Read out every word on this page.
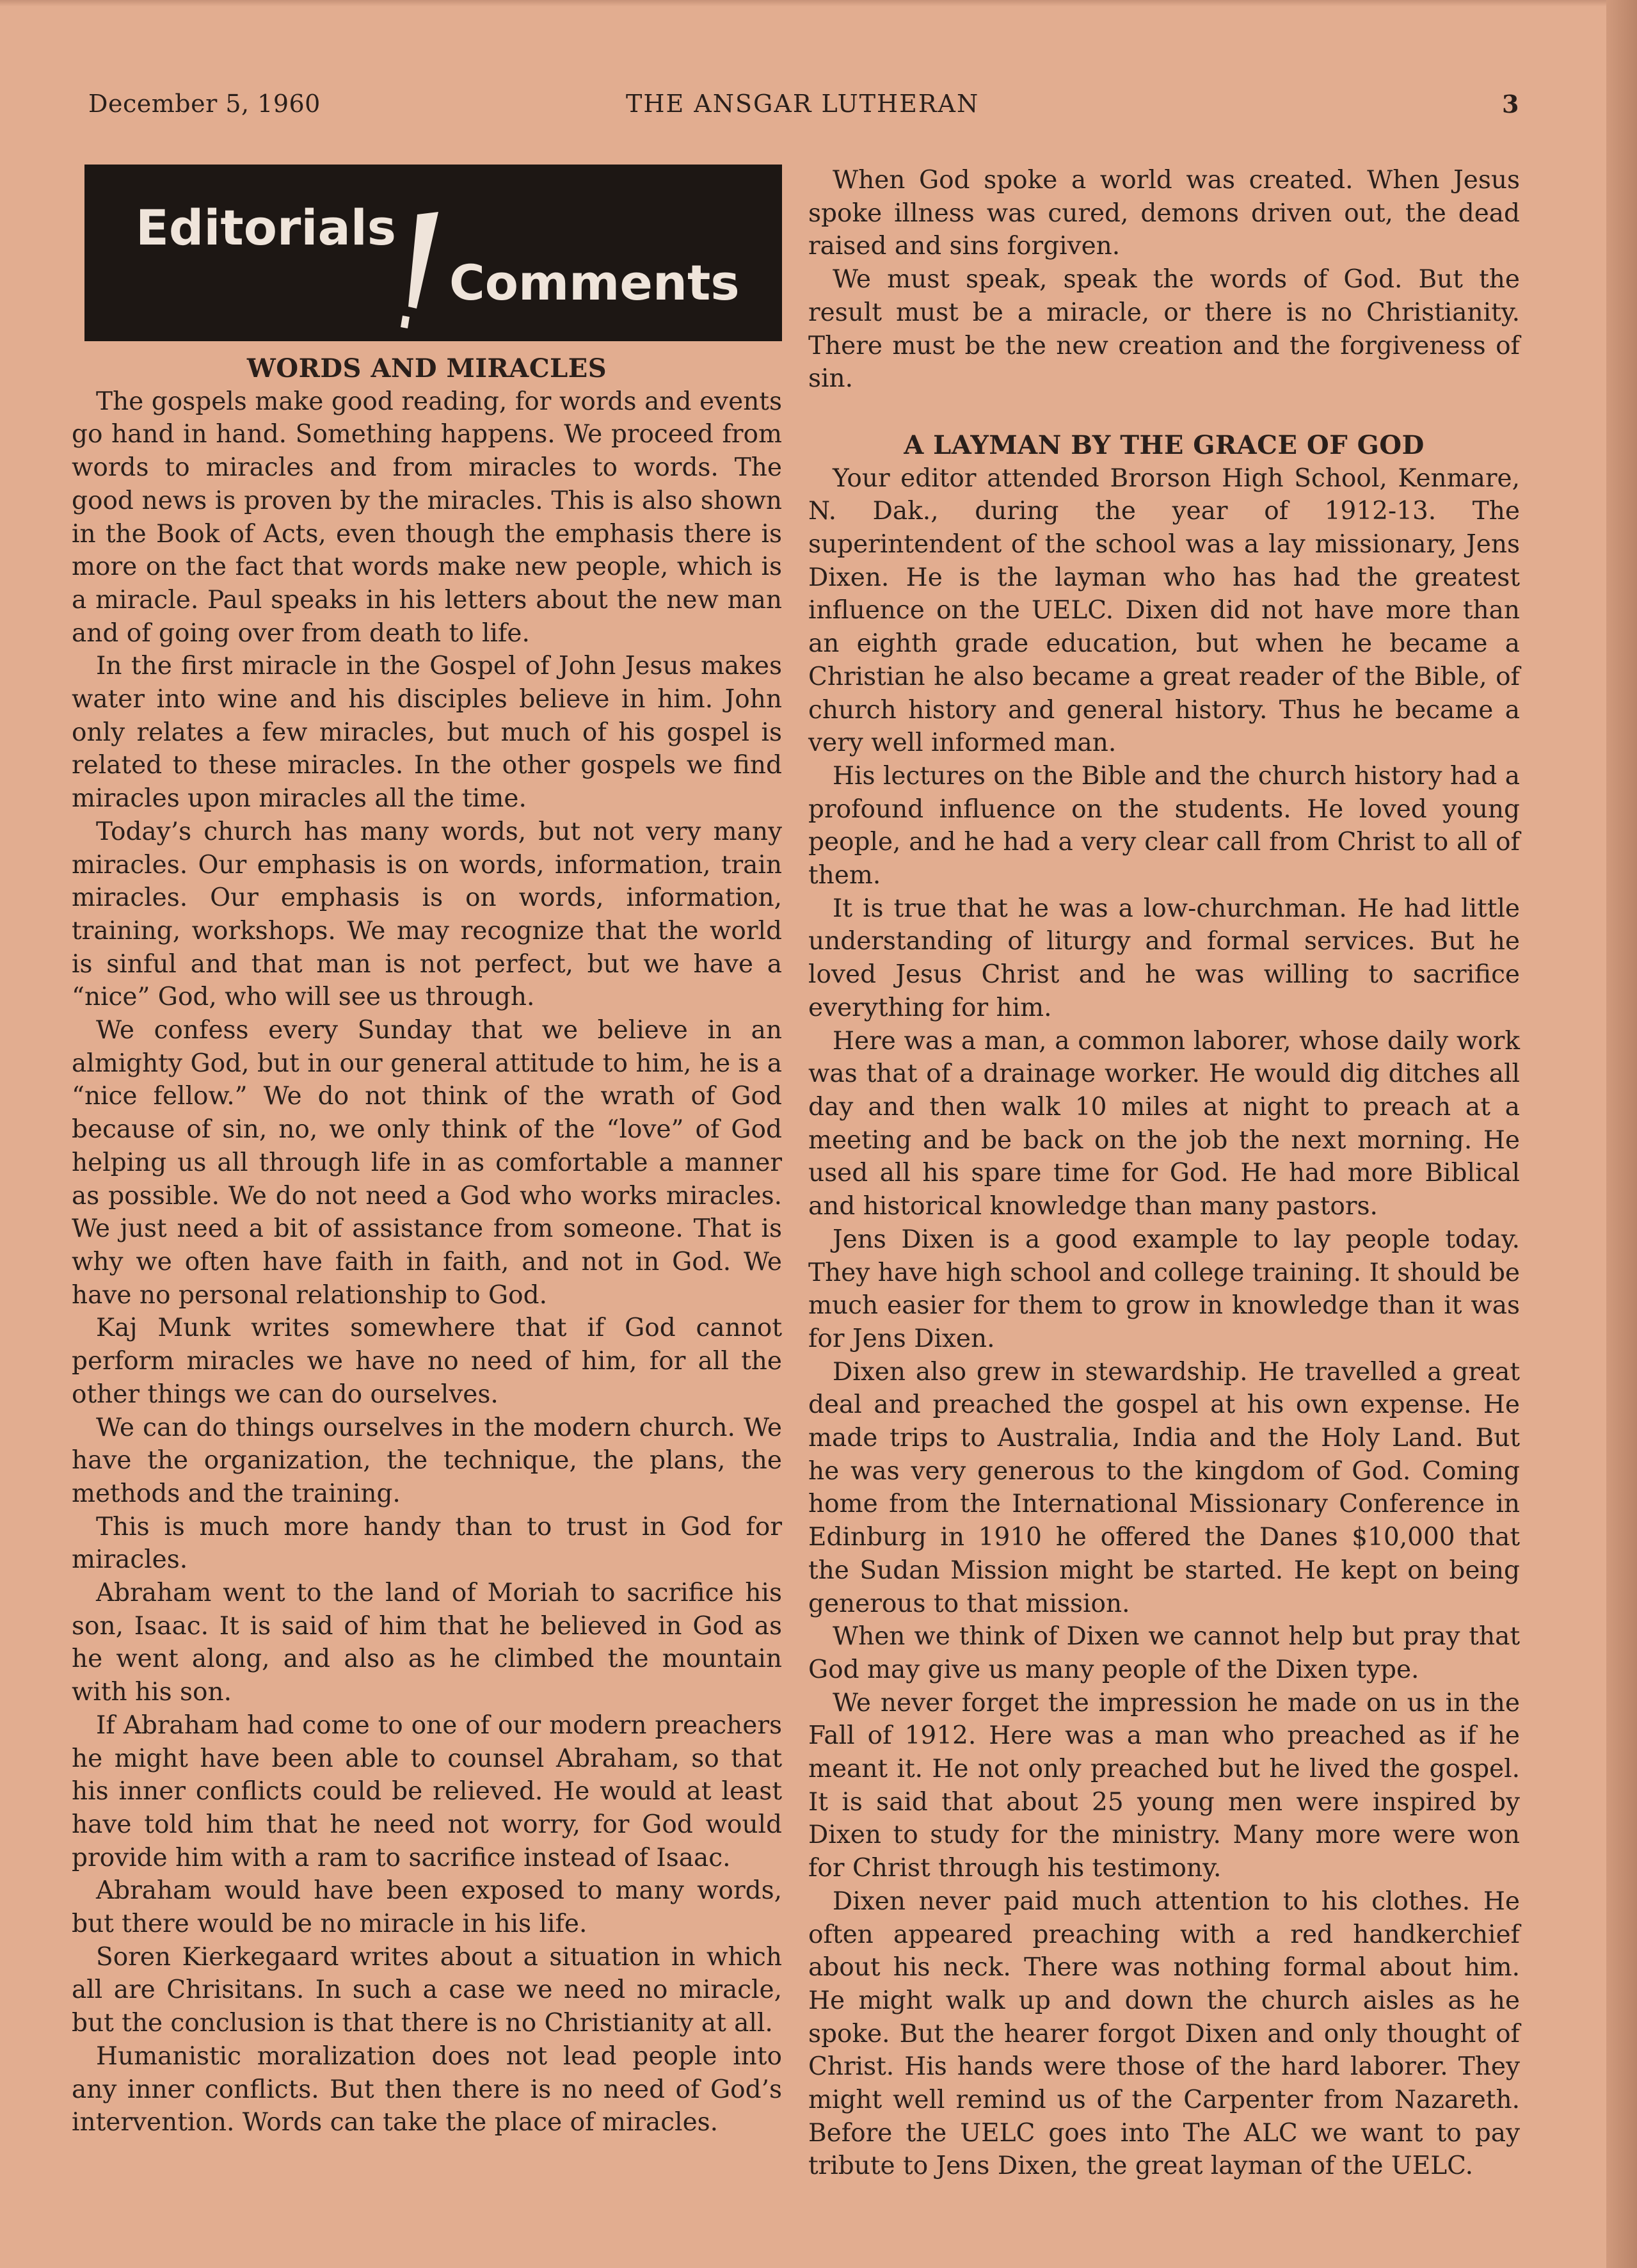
December 5, 1960	THE ANSGAR LUTHERAN	3
Editorials
Comments
WORDS AND MIRACLES

The gospels make good reading, for words and events go hand in hand. Something happens. We proceed from words to miracles and from miracles to words. The good news is proven by the miracles. This is also shown in the Book of Acts, even though the emphasis there is more on the fact that words make new people, which is a miracle. Paul speaks in his letters about the new man and of going over from death to life.

In the first miracle in the Gospel of John Jesus makes water into wine and his disciples believe in him. John only relates a few miracles, but much of his gospel is related to these miracles. In the other gospels we find miracles upon miracles all the time.

Today’s church has many words, but not very many miracles. Our emphasis is on words, information, train miracles. Our emphasis is on words, information, training, workshops. We may recognize that the world is sinful and that man is not perfect, but we have a “nice” God, who will see us through.

We confess every Sunday that we believe in an almighty God, but in our general attitude to him, he is a “nice fellow.” We do not think of the wrath of God because of sin, no, we only think of the “love” of God helping us all through life in as comfortable a manner as possible. We do not need a God who works miracles. We just need a bit of assistance from someone. That is why we often have faith in faith, and not in God. We have no personal relationship to God.

Kaj Munk writes somewhere that if God cannot perform miracles we have no need of him, for all the other things we can do ourselves.

We can do things ourselves in the modern church. We have the organization, the technique, the plans, the methods and the training.

This is much more handy than to trust in God for miracles.

Abraham went to the land of Moriah to sacrifice his son, Isaac. It is said of him that he believed in God as he went along, and also as he climbed the mountain with his son.

If Abraham had come to one of our modern preachers he might have been able to counsel Abraham, so that his inner conflicts could be relieved. He would at least have told him that he need not worry, for God would provide him with a ram to sacrifice instead of Isaac.

Abraham would have been exposed to many words, but there would be no miracle in his life.

Soren Kierkegaard writes about a situation in which all are Chrisitans. In such a case we need no miracle, but the conclusion is that there is no Christianity at all.

Humanistic moralization does not lead people into any inner conflicts. But then there is no need of God’s intervention. Words can take the place of miracles.

When God spoke a world was created. When Jesus spoke illness was cured, demons driven out, the dead raised and sins forgiven.

We must speak, speak the words of God. But the result must be a miracle, or there is no Christianity. There must be the new creation and the forgiveness of sin.

A LAYMAN BY THE GRACE OF GOD

Your editor attended Brorson High School, Kenmare, N. Dak., during the year of 1912-13. The superintendent of the school was a lay missionary, Jens Dixen. He is the layman who has had the greatest influence on the UELC. Dixen did not have more than an eighth grade education, but when he became a Christian he also became a great reader of the Bible, of church history and general history. Thus he became a very well informed man.

His lectures on the Bible and the church history had a profound influence on the students. He loved young people, and he had a very clear call from Christ to all of them.

It is true that he was a low-churchman. He had little understanding of liturgy and formal services. But he loved Jesus Christ and he was willing to sacrifice everything for him.

Here was a man, a common laborer, whose daily work was that of a drainage worker. He would dig ditches all day and then walk 10 miles at night to preach at a meeting and be back on the job the next morning. He used all his spare time for God. He had more Biblical and historical knowledge than many pastors.

Jens Dixen is a good example to lay people today. They have high school and college training. It should be much easier for them to grow in knowledge than it was for Jens Dixen.

Dixen also grew in stewardship. He travelled a great deal and preached the gospel at his own expense. He made trips to Australia, India and the Holy Land. But he was very generous to the kingdom of God. Coming home from the International Missionary Conference in Edinburg in 1910 he offered the Danes $10,000 that the Sudan Mission might be started. He kept on being generous to that mission.

When we think of Dixen we cannot help but pray that God may give us many people of the Dixen type.

We never forget the impression he made on us in the Fall of 1912. Here was a man who preached as if he meant it. He not only preached but he lived the gospel. It is said that about 25 young men were inspired by Dixen to study for the ministry. Many more were won for Christ through his testimony.

Dixen never paid much attention to his clothes. He often appeared preaching with a red handkerchief about his neck. There was nothing formal about him. He might walk up and down the church aisles as he spoke. But the hearer forgot Dixen and only thought of Christ. His hands were those of the hard laborer. They might well remind us of the Carpenter from Nazareth. Before the UELC goes into The ALC we want to pay tribute to Jens Dixen, the great layman of the UELC.
